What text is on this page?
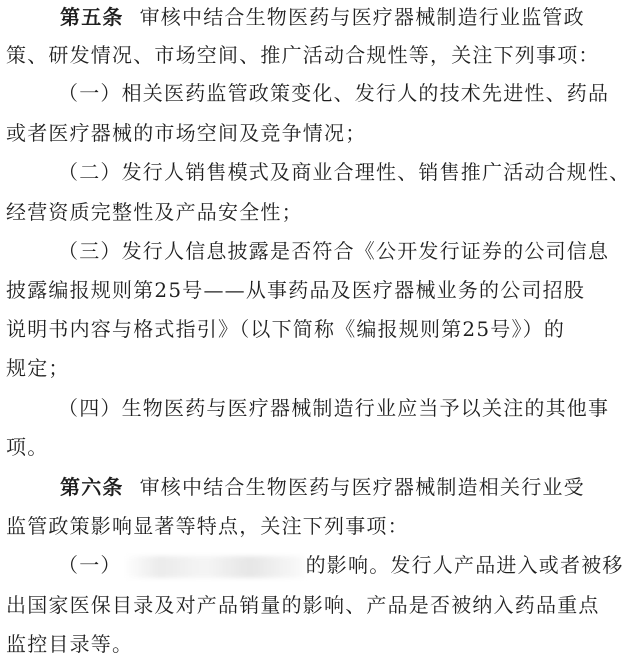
第五条 审核中结合生物医药与医疗器械制造行业监管政
策、研发情况、市场空间、推广活动合规性等，关注下列事项：
（一）相关医药监管政策变化、发行人的技术先进性、药品
或者医疗器械的市场空间及竞争情况；
（二）发行人销售模式及商业合理性、销售推广活动合规性、
经营资质完整性及产品安全性；
（三）发行人信息披露是否符合《公开发行证券的公司信息
披露编报规则第25号——从事药品及医疗器械业务的公司招股
说明书内容与格式指引》（以下简称《编报规则第25号》）的
规定；
（四）生物医药与医疗器械制造行业应当予以关注的其他事
项。
第六条 审核中结合生物医药与医疗器械制造相关行业受
监管政策影响显著等特点，关注下列事项：
（一）	的影响。发行人产品进入或者被移
出国家医保目录及对产品销量的影响、产品是否被纳入药品重点
监控目录等。
